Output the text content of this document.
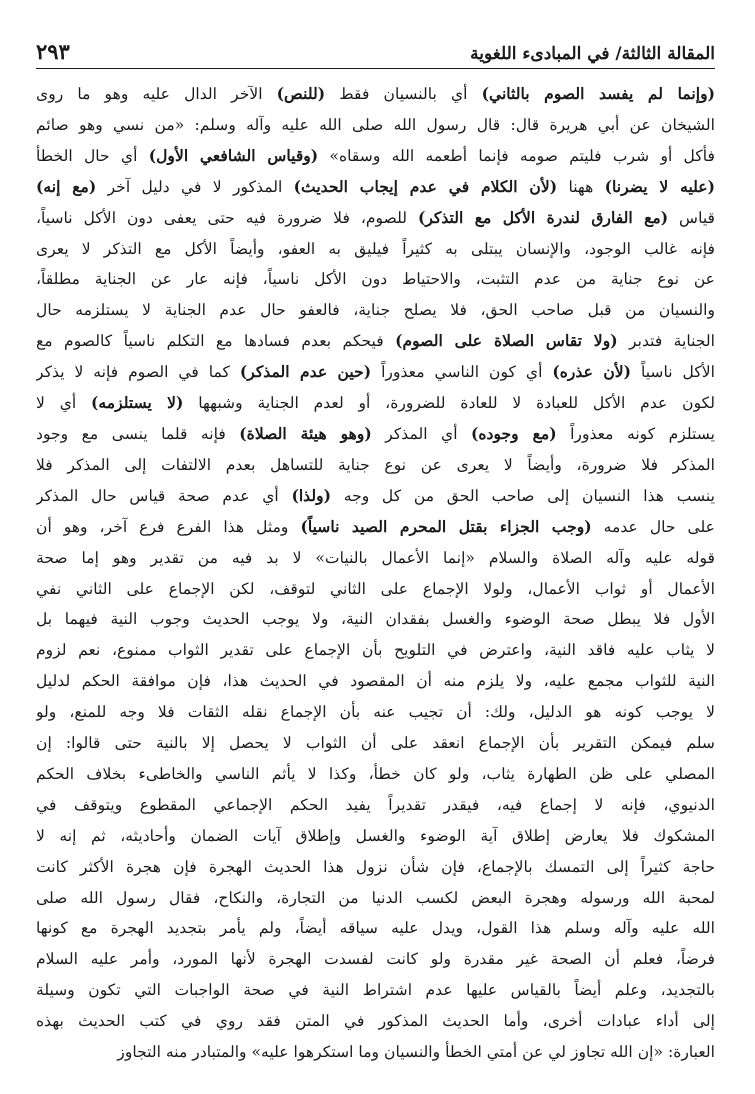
المقالة الثالثة/ في المبادىء اللغوية
٢٩٣
(وإنما لم يفسد الصوم بالثاني) أي بالنسيان فقط (للنص) الآخر الدال عليه وهو ما روى
الشيخان عن أبي هريرة قال: قال رسول الله صلى الله عليه وآله وسلم: «من نسي وهو صائم
فأكل أو شرب فليتم صومه فإنما أطعمه الله وسقاه» (وقياس الشافعي الأول) أي حال الخطأ
(عليه لا يضرنا) ههنا (لأن الكلام في عدم إيجاب الحديث) المذكور لا في دليل آخر (مع إنه)
قياس (مع الفارق لندرة الأكل مع التذكر) للصوم، فلا ضرورة فيه حتى يعفى دون الأكل ناسياً،
فإنه غالب الوجود، والإنسان يبتلى به كثيراً فيليق به العفو، وأيضاً الأكل مع التذكر لا يعرى
عن نوع جناية من عدم التثبت، والاحتياط دون الأكل ناسياً، فإنه عار عن الجناية مطلقاً،
والنسيان من قبل صاحب الحق، فلا يصلح جناية، فالعفو حال عدم الجناية لا يستلزمه حال
الجناية فتدبر (ولا تقاس الصلاة على الصوم) فيحكم بعدم فسادها مع التكلم ناسياً كالصوم مع
الأكل ناسياً (لأن عذره) أي كون الناسي معذوراً (حين عدم المذكر) كما في الصوم فإنه لا يذكر
لكون عدم الأكل للعبادة لا للعادة للضرورة، أو لعدم الجناية وشبهها (لا يستلزمه) أي لا
يستلزم كونه معذوراً (مع وجوده) أي المذكر (وهو هيئة الصلاة) فإنه قلما ينسى مع وجود
المذكر فلا ضرورة، وأيضاً لا يعرى عن نوع جناية للتساهل بعدم الالتفات إلى المذكر فلا
ينسب هذا النسيان إلى صاحب الحق من كل وجه (ولذا) أي عدم صحة قياس حال المذكر
على حال عدمه (وجب الجزاء بقتل المحرم الصيد ناسياً) ومثل هذا الفرع فرع آخر، وهو أن
قوله عليه وآله الصلاة والسلام «إنما الأعمال بالنيات» لا بد فيه من تقدير وهو إما صحة
الأعمال أو ثواب الأعمال، ولولا الإجماع على الثاني لتوقف، لكن الإجماع على الثاني نفي
الأول فلا يبطل صحة الوضوء والغسل بفقدان النية، ولا يوجب الحديث وجوب النية فيهما بل
لا يثاب عليه فاقد النية، واعترض في التلويح بأن الإجماع على تقدير الثواب ممنوع، نعم لزوم
النية للثواب مجمع عليه، ولا يلزم منه أن المقصود في الحديث هذا، فإن موافقة الحكم لدليل
لا يوجب كونه هو الدليل، ولك: أن تجيب عنه بأن الإجماع نقله الثقات فلا وجه للمنع، ولو
سلم فيمكن التقرير بأن الإجماع انعقد على أن الثواب لا يحصل إلا بالنية حتى قالوا: إن
المصلي على ظن الطهارة يثاب، ولو كان خطأ، وكذا لا يأثم الناسي والخاطىء بخلاف الحكم
الدنيوي، فإنه لا إجماع فيه، فيقدر تقديراً يفيد الحكم الإجماعي المقطوع ويتوقف في
المشكوك فلا يعارض إطلاق آية الوضوء والغسل وإطلاق آيات الضمان وأحاديثه، ثم إنه لا
حاجة كثيراً إلى التمسك بالإجماع، فإن شأن نزول هذا الحديث الهجرة فإن هجرة الأكثر كانت
لمحبة الله ورسوله وهجرة البعض لكسب الدنيا من التجارة، والنكاح، فقال رسول الله صلى
الله عليه وآله وسلم هذا القول، ويدل عليه سياقه أيضاً، ولم يأمر بتجديد الهجرة مع كونها
فرضاً، فعلم أن الصحة غير مقدرة ولو كانت لفسدت الهجرة لأنها المورد، وأمر عليه السلام
بالتجديد، وعلم أيضاً بالقياس عليها عدم اشتراط النية في صحة الواجبات التي تكون وسيلة
إلى أداء عبادات أخرى، وأما الحديث المذكور في المتن فقد روي في كتب الحديث بهذه
العبارة: «إن الله تجاوز لي عن أمتي الخطأ والنسيان وما استكرهوا عليه» والمتبادر منه التجاوز
